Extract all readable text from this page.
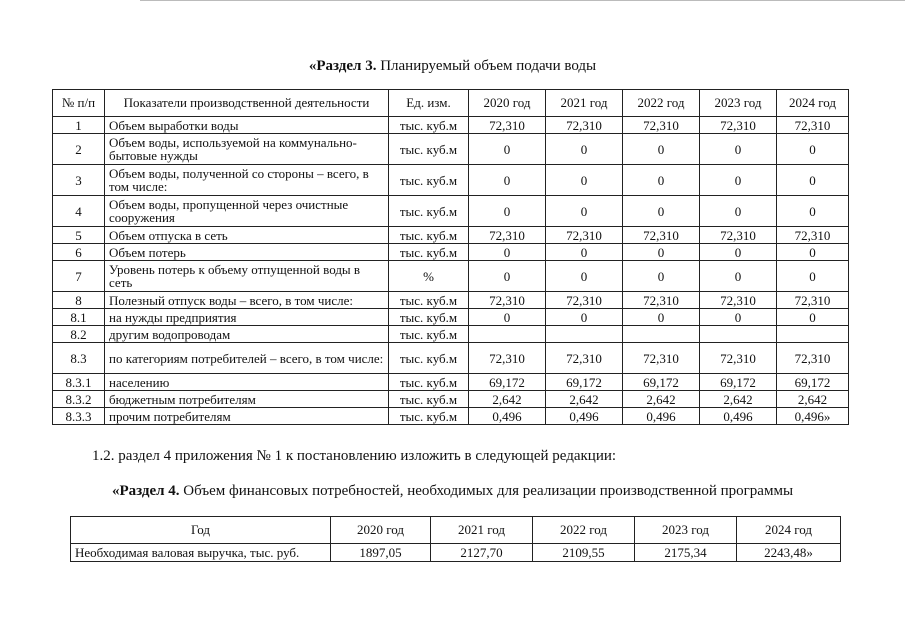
«Раздел 3. Планируемый объем подачи воды
№ п/п	Показатели производственной деятельности	Ед. изм.	2020 год	2021 год	2022 год	2023 год	2024 год
1	Объем выработки воды	тыс. куб.м	72,310	72,310	72,310	72,310	72,310
2	Объем воды, используемой на коммунально-бытовые нужды	тыс. куб.м	0	0	0	0	0
3	Объем воды, полученной со стороны – всего, в том числе:	тыс. куб.м	0	0	0	0	0
4	Объем воды, пропущенной через очистные сооружения	тыс. куб.м	0	0	0	0	0
5	Объем отпуска в сеть	тыс. куб.м	72,310	72,310	72,310	72,310	72,310
6	Объем потерь	тыс. куб.м	0	0	0	0	0
7	Уровень потерь к объему отпущенной воды в сеть	%	0	0	0	0	0
8	Полезный отпуск воды – всего, в том числе:	тыс. куб.м	72,310	72,310	72,310	72,310	72,310
8.1	на нужды предприятия	тыс. куб.м	0	0	0	0	0
8.2	другим водопроводам	тыс. куб.м					
8.3	по категориям потребителей – всего, в том числе:	тыс. куб.м	72,310	72,310	72,310	72,310	72,310
8.3.1	населению	тыс. куб.м	69,172	69,172	69,172	69,172	69,172
8.3.2	бюджетным потребителям	тыс. куб.м	2,642	2,642	2,642	2,642	2,642
8.3.3	прочим потребителям	тыс. куб.м	0,496	0,496	0,496	0,496	0,496»
1.2. раздел 4 приложения № 1 к постановлению изложить в следующей редакции:
«Раздел 4. Объем финансовых потребностей, необходимых для реализации производственной программы
Год	2020 год	2021 год	2022 год	2023 год	2024 год
Необходимая валовая выручка, тыс. руб.	1897,05	2127,70	2109,55	2175,34	2243,48»
